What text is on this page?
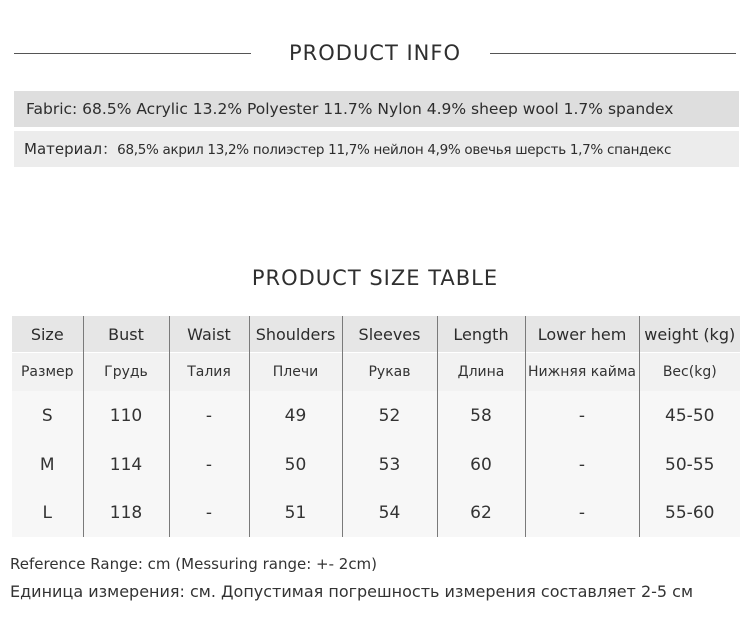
PRODUCT INFO
Fabric: 68.5% Acrylic 13.2% Polyester 11.7% Nylon 4.9% sheep wool 1.7% spandex
Материал：68,5% акрил 13,2% полиэстер 11,7% нейлон 4,9% овечья шерсть 1,7% спандекс
PRODUCT SIZE TABLE
Size	Bust	Waist	Shoulders	Sleeves	Length	Lower hem	weight (kg)
Размер	Грудь	Талия	Плечи	Рукав	Длина	Нижняя кайма	Вес(kg)
S	110	-	49	52	58	-	45-50
M	114	-	50	53	60	-	50-55
L	118	-	51	54	62	-	55-60
Reference Range: cm (Messuring range: +- 2cm)
Единица измерения: см. Допустимая погрешность измерения составляет 2-5 см
